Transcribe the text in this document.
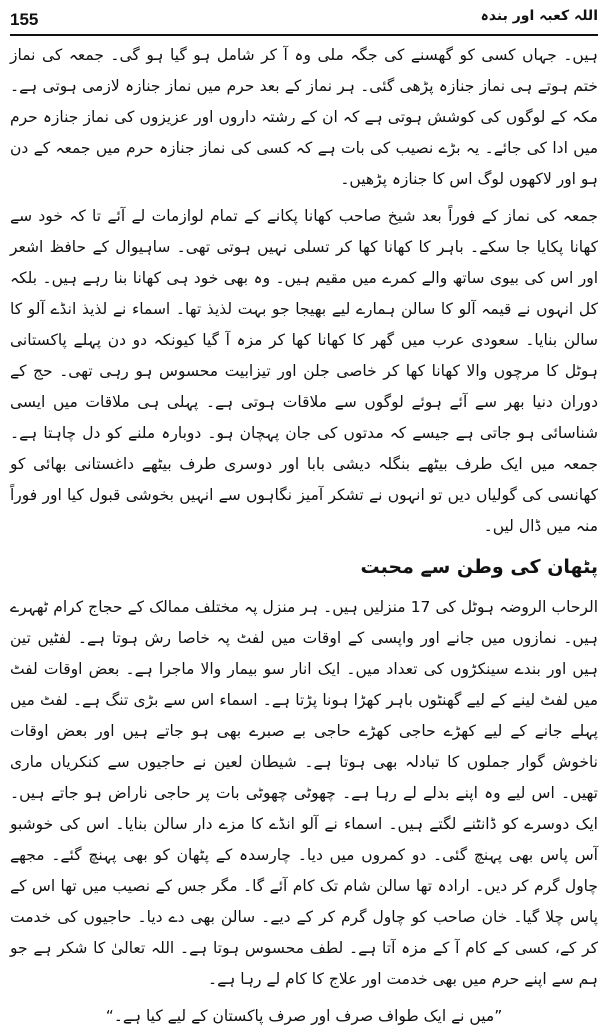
155	اللہ کعبہ اور بندہ

ہیں۔ جہاں کسی کو گھسنے کی جگہ ملی وہ آ کر شامل ہو گیا ہو گی۔ جمعہ کی نماز ختم ہوتے ہی نماز جنازہ پڑھی گئی۔ ہر نماز کے بعد حرم میں نماز جنازہ لازمی ہوتی ہے۔ مکہ کے لوگوں کی کوشش ہوتی ہے کہ ان کے رشتہ داروں اور عزیزوں کی نماز جنازہ حرم میں ادا کی جائے۔ یہ بڑے نصیب کی بات ہے کہ کسی کی نماز جنازہ حرم میں جمعہ کے دن ہو اور لاکھوں لوگ اس کا جنازہ پڑھیں۔

جمعہ کی نماز کے فوراً بعد شیخ صاحب کھانا پکانے کے تمام لوازمات لے آئے تا کہ خود سے کھانا پکایا جا سکے۔ باہر کا کھانا کھا کر تسلی نہیں ہوتی تھی۔ ساہیوال کے حافظ اشعر اور اس کی بیوی ساتھ والے کمرے میں مقیم ہیں۔ وہ بھی خود ہی کھانا بنا رہے ہیں۔ بلکہ کل انہوں نے قیمہ آلو کا سالن ہمارے لیے بھیجا جو بہت لذیذ تھا۔ اسماء نے لذیذ انڈے آلو کا سالن بنایا۔ سعودی عرب میں گھر کا کھانا کھا کر مزہ آ گیا کیونکہ دو دن پہلے پاکستانی ہوٹل کا مرچوں والا کھانا کھا کر خاصی جلن اور تیزابیت محسوس ہو رہی تھی۔ حج کے دوران دنیا بھر سے آئے ہوئے لوگوں سے ملاقات ہوتی ہے۔ پہلی ہی ملاقات میں ایسی شناسائی ہو جاتی ہے جیسے کہ مدتوں کی جان پہچان ہو۔ دوبارہ ملنے کو دل چاہتا ہے۔ جمعہ میں ایک طرف بیٹھے بنگلہ دیشی بابا اور دوسری طرف بیٹھے داغستانی بھائی کو کھانسی کی گولیاں دیں تو انہوں نے تشکر آمیز نگاہوں سے انہیں بخوشی قبول کیا اور فوراً منہ میں ڈال لیں۔

پٹھان کی وطن سے محبت

الرحاب الروضہ ہوٹل کی 17 منزلیں ہیں۔ ہر منزل پہ مختلف ممالک کے حجاج کرام ٹھہرے ہیں۔ نمازوں میں جانے اور واپسی کے اوقات میں لفٹ پہ خاصا رش ہوتا ہے۔ لفٹیں تین ہیں اور بندے سینکڑوں کی تعداد میں۔ ایک انار سو بیمار والا ماجرا ہے۔ بعض اوقات لفٹ میں لفٹ لینے کے لیے گھنٹوں باہر کھڑا ہونا پڑتا ہے۔ اسماء اس سے بڑی تنگ ہے۔ لفٹ میں پہلے جانے کے لیے کھڑے حاجی کھڑے حاجی بے صبرے بھی ہو جاتے ہیں اور بعض اوقات ناخوش گوار جملوں کا تبادلہ بھی ہوتا ہے۔ شیطان لعین نے حاجیوں سے کنکریاں ماری تھیں۔ اس لیے وہ اپنے بدلے لے رہا ہے۔ چھوٹی چھوٹی بات پر حاجی ناراض ہو جاتے ہیں۔ ایک دوسرے کو ڈانٹنے لگتے ہیں۔ اسماء نے آلو انڈے کا مزے دار سالن بنایا۔ اس کی خوشبو آس پاس بھی پہنچ گئی۔ دو کمروں میں دیا۔ چارسدہ کے پٹھان کو بھی پہنچ گئے۔ مجھے چاول گرم کر دیں۔ ارادہ تھا سالن شام تک کام آئے گا۔ مگر جس کے نصیب میں تھا اس کے پاس چلا گیا۔ خان صاحب کو چاول گرم کر کے دیے۔ سالن بھی دے دیا۔ حاجیوں کی خدمت کر کے، کسی کے کام آ کے مزہ آتا ہے۔ لطف محسوس ہوتا ہے۔ اللہ تعالیٰ کا شکر ہے جو ہم سے اپنے حرم میں بھی خدمت اور علاج کا کام لے رہا ہے۔

”میں نے ایک طواف صرف اور صرف پاکستان کے لیے کیا ہے۔“
